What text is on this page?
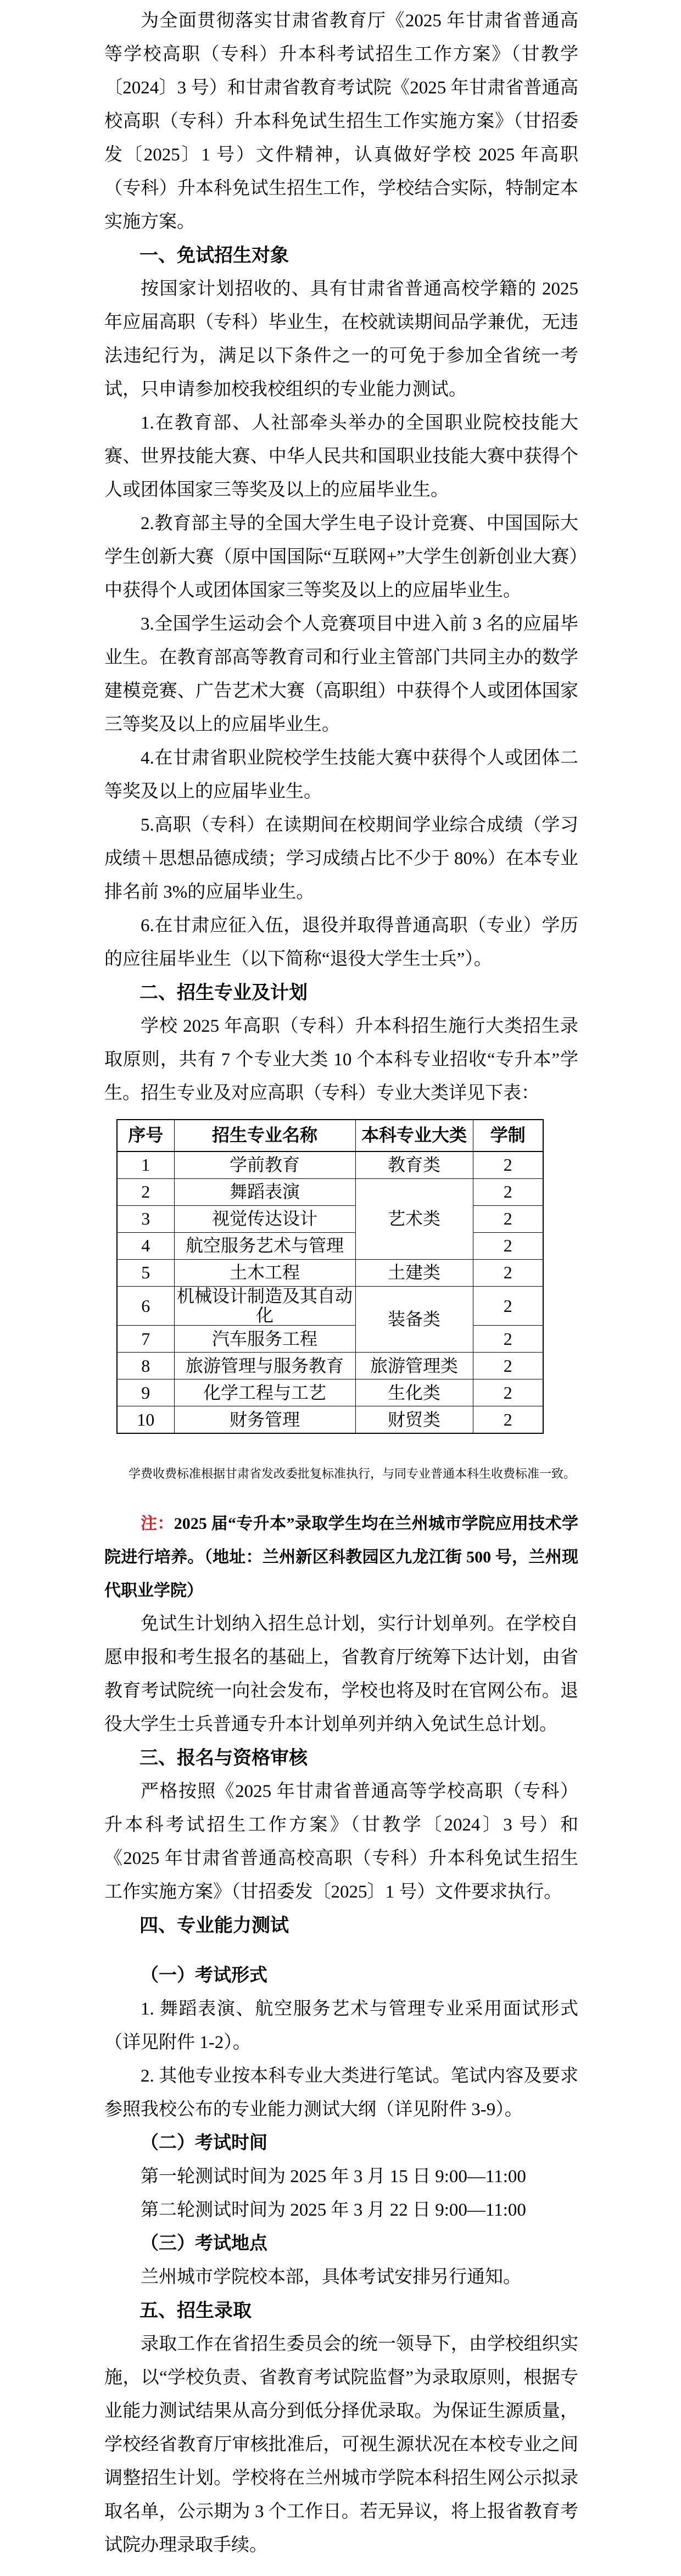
为全面贯彻落实甘肃省教育厅《2025 年甘肃省普通高等学校高职（专科）升本科考试招生工作方案》（甘教学〔2024〕3 号）和甘肃省教育考试院《2025 年甘肃省普通高校高职（专科）升本科免试生招生工作实施方案》（甘招委发〔2025〕1 号）文件精神，认真做好学校 2025 年高职（专科）升本科免试生招生工作，学校结合实际，特制定本实施方案。

一、免试招生对象

按国家计划招收的、具有甘肃省普通高校学籍的 2025 年应届高职（专科）毕业生，在校就读期间品学兼优，无违法违纪行为，满足以下条件之一的可免于参加全省统一考试，只申请参加校我校组织的专业能力测试。

1.在教育部、人社部牵头举办的全国职业院校技能大赛、世界技能大赛、中华人民共和国职业技能大赛中获得个人或团体国家三等奖及以上的应届毕业生。

2.教育部主导的全国大学生电子设计竞赛、中国国际大学生创新大赛（原中国国际“互联网+”大学生创新创业大赛）中获得个人或团体国家三等奖及以上的应届毕业生。

3.全国学生运动会个人竞赛项目中进入前 3 名的应届毕业生。在教育部高等教育司和行业主管部门共同主办的数学建模竞赛、广告艺术大赛（高职组）中获得个人或团体国家三等奖及以上的应届毕业生。

4.在甘肃省职业院校学生技能大赛中获得个人或团体二等奖及以上的应届毕业生。

5.高职（专科）在读期间在校期间学业综合成绩（学习成绩＋思想品德成绩；学习成绩占比不少于 80%）在本专业排名前 3%的应届毕业生。

6.在甘肃应征入伍，退役并取得普通高职（专业）学历的应往届毕业生（以下简称“退役大学生士兵”）。

二、招生专业及计划

学校 2025 年高职（专科）升本科招生施行大类招生录取原则，共有 7 个专业大类 10 个本科专业招收“专升本”学生。招生专业及对应高职（专科）专业大类详见下表：

序号	招生专业名称	本科专业大类	学制
1	学前教育	教育类	2
2	舞蹈表演	艺术类	2
3	视觉传达设计		2
4	航空服务艺术与管理		2
5	土木工程	土建类	2
6	机械设计制造及其自动化	装备类	2
7	汽车服务工程		2
8	旅游管理与服务教育	旅游管理类	2
9	化学工程与工艺	生化类	2
10	财务管理	财贸类	2

学费收费标准根据甘肃省发改委批复标准执行，与同专业普通本科生收费标准一致。

注：2025 届“专升本”录取学生均在兰州城市学院应用技术学院进行培养。（地址：兰州新区科教园区九龙江街 500 号，兰州现代职业学院）

免试生计划纳入招生总计划，实行计划单列。在学校自愿申报和考生报名的基础上，省教育厅统筹下达计划，由省教育考试院统一向社会发布，学校也将及时在官网公布。退役大学生士兵普通专升本计划单列并纳入免试生总计划。

三、报名与资格审核

严格按照《2025 年甘肃省普通高等学校高职（专科）升本科考试招生工作方案》（甘教学〔2024〕3 号）和《2025 年甘肃省普通高校高职（专科）升本科免试生招生工作实施方案》（甘招委发〔2025〕1 号）文件要求执行。

四、专业能力测试
（一）考试形式

1. 舞蹈表演、航空服务艺术与管理专业采用面试形式（详见附件 1-2）。

2. 其他专业按本科专业大类进行笔试。笔试内容及要求参照我校公布的专业能力测试大纲（详见附件 3-9）。

（二）考试时间

第一轮测试时间为 2025 年 3 月 15 日 9:00—11:00

第二轮测试时间为 2025 年 3 月 22 日 9:00—11:00

（三）考试地点

兰州城市学院校本部，具体考试安排另行通知。

五、招生录取

录取工作在省招生委员会的统一领导下，由学校组织实施，以“学校负责、省教育考试院监督”为录取原则，根据专业能力测试结果从高分到低分择优录取。为保证生源质量，学校经省教育厅审核批准后，可视生源状况在本校专业之间调整招生计划。学校将在兰州城市学院本科招生网公示拟录取名单，公示期为 3 个工作日。若无异议，将上报省教育考试院办理录取手续。
